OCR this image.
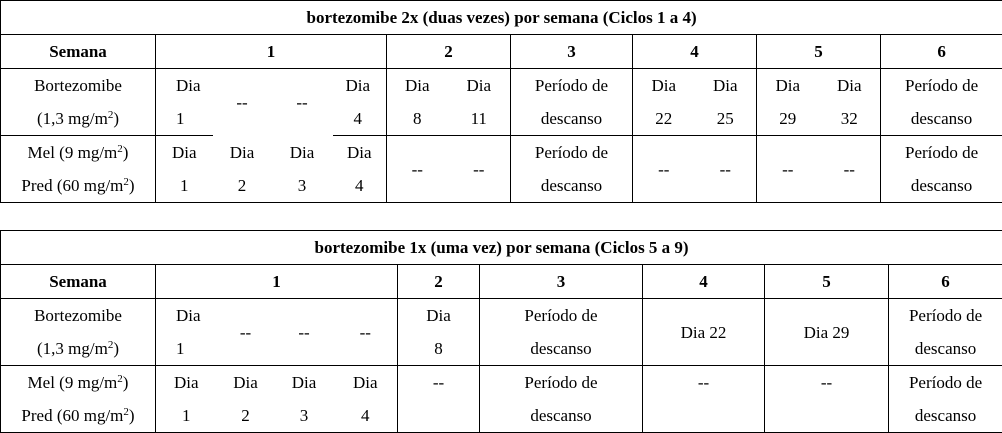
bortezomibe 2x (duas vezes) por semana (Ciclos 1 a 4)												
Semana	1				2		3	4		5		6
Bortezomibe	Dia	--	--	Dia	Dia	Dia	Período de	Dia	Dia	Dia	Dia	Período de
(1,3 $mg/m^2$)	1			4	8	11	descanso	22	25	29	32	descanso
Mel (9 $mg/m^2$)	Dia	Dia	Dia	Dia	--	--	Período de	--	--	--	--	Período de
Pred (60 $mg/m^2$)	1	2	3	4			descanso					descanso
bortezomibe 1x (uma vez) por semana (Ciclos 5 a 9)									
Semana	1				2	3	4	5	6
Bortezomibe	Dia	--	--	--	Dia	Período de	Dia 22	Dia 29	Período de
(1,3 $mg/m^2$)	1				8	descanso			descanso
Mel (9 $mg/m^2$)	Dia	Dia	Dia	Dia	--	Período de	--	--	Período de
Pred (60 $mg/m^2$)	1	2	3	4		descanso			descanso
